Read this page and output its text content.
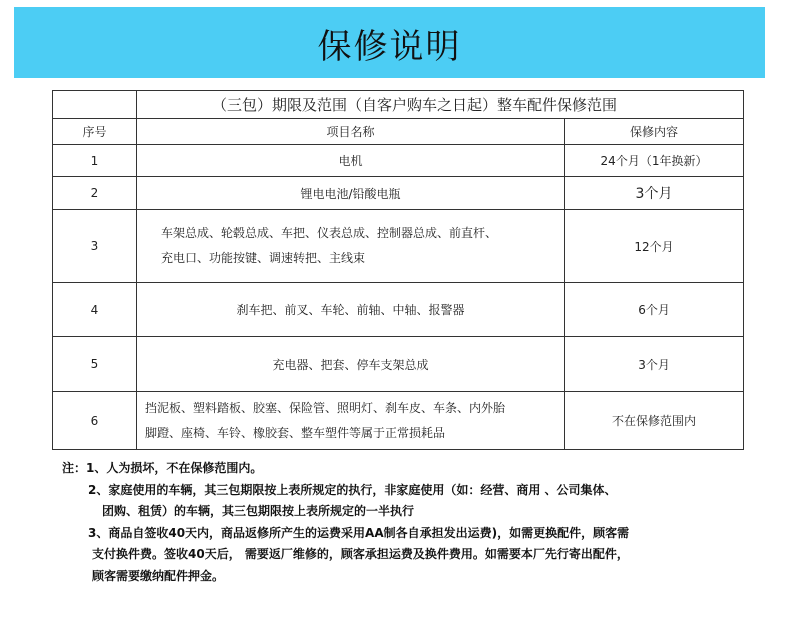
保修说明
	（三包）期限及范围（自客户购车之日起）整车配件保修范围	
序号	项目名称	保修内容
1	电机	24个月（1年换新）
2	锂电电池/铅酸电瓶	3个月
3	车架总成、轮毂总成、车把、仪表总成、控制器总成、前直杆、
充电口、功能按键、调速转把、主线束	12个月
4	刹车把、前叉、车轮、前轴、中轴、报警器	6个月
5	充电器、把套、停车支架总成	3个月
6	挡泥板、塑料踏板、胶塞、保险管、照明灯、刹车皮、车条、内外胎
脚蹬、座椅、车铃、橡胶套、整车塑件等属于正常损耗品	不在保修范围内
注：1、人为损坏，不在保修范围内。
2、家庭使用的车辆，其三包期限按上表所规定的执行，非家庭使用（如：经营、商用 、公司集体、
团购、租赁）的车辆，其三包期限按上表所规定的一半执行
3、商品自签收40天内，商品返修所产生的运费采用AA制各自承担发出运费)，如需更换配件，顾客需
支付换件费。签收40天后， 需要返厂维修的，顾客承担运费及换件费用。如需要本厂先行寄出配件，
顾客需要缴纳配件押金。
